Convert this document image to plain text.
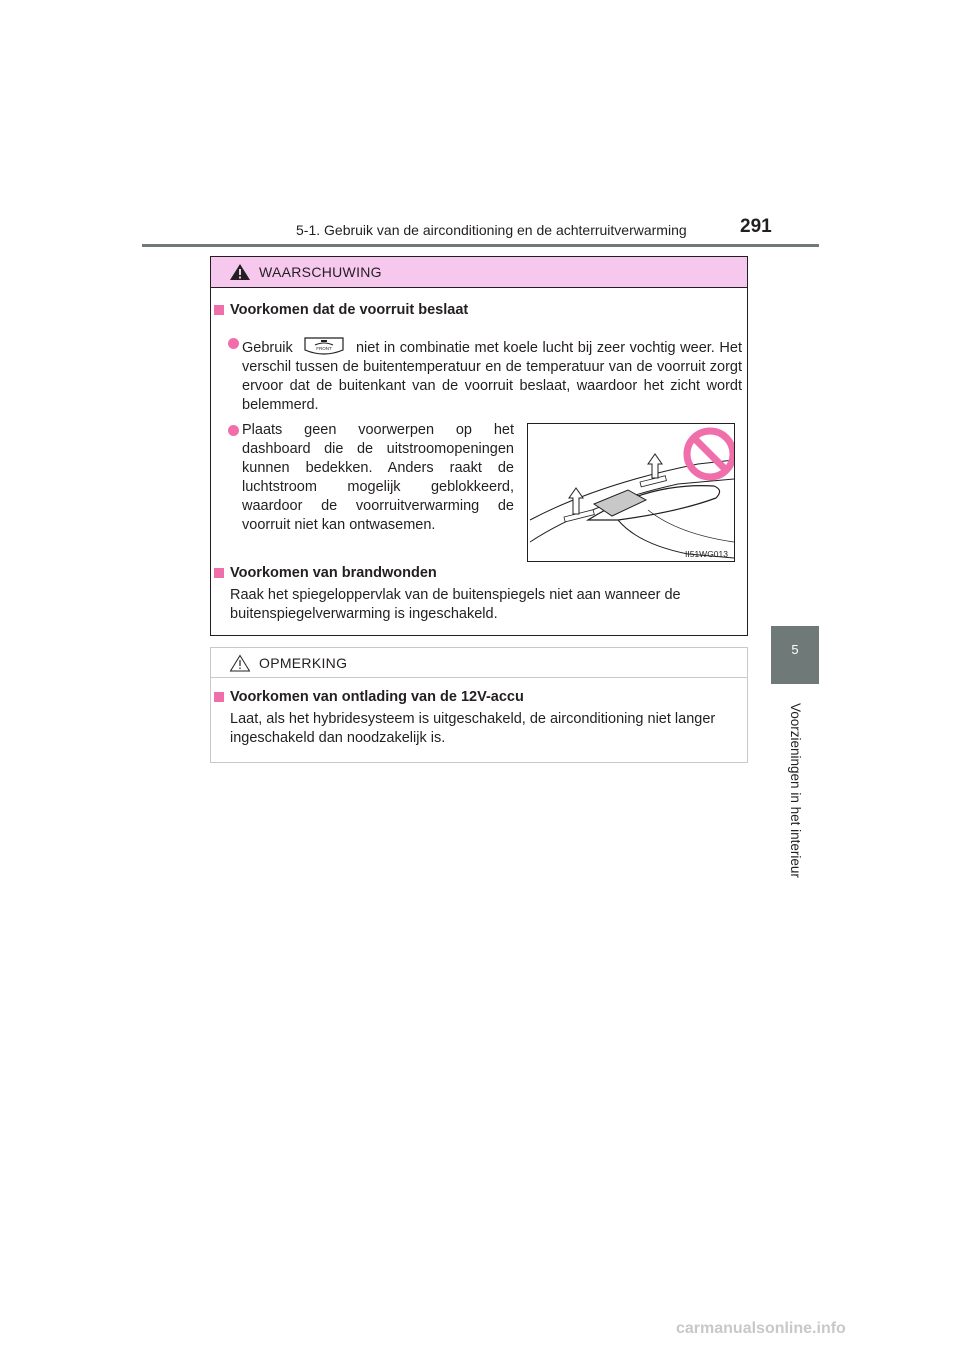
5-1. Gebruik van de airconditioning en de achterruitverwarming	291
5
Voorzieningen in het interieur
WAARSCHUWING
Voorkomen dat de voorruit beslaat
Gebruik	FRONT niet in combinatie met koele lucht bij zeer vochtig weer. Het verschil tussen de buitentemperatuur en de temperatuur van de voorruit zorgt ervoor dat de buitenkant van de voorruit beslaat, waardoor het zicht wordt belemmerd.
Plaats geen voorwerpen op het dashboard die de uitstroomopeningen kunnen bedekken. Anders raakt de luchtstroom mogelijk geblokkeerd, waardoor de voorruitverwarming de voorruit niet kan ontwasemen.
II51WG013
Voorkomen van brandwonden
Raak het spiegeloppervlak van de buitenspiegels niet aan wanneer de buitenspiegelverwarming is ingeschakeld.
OPMERKING
Voorkomen van ontlading van de 12V-accu
Laat, als het hybridesysteem is uitgeschakeld, de airconditioning niet langer ingeschakeld dan noodzakelijk is.
carmanualsonline.info
